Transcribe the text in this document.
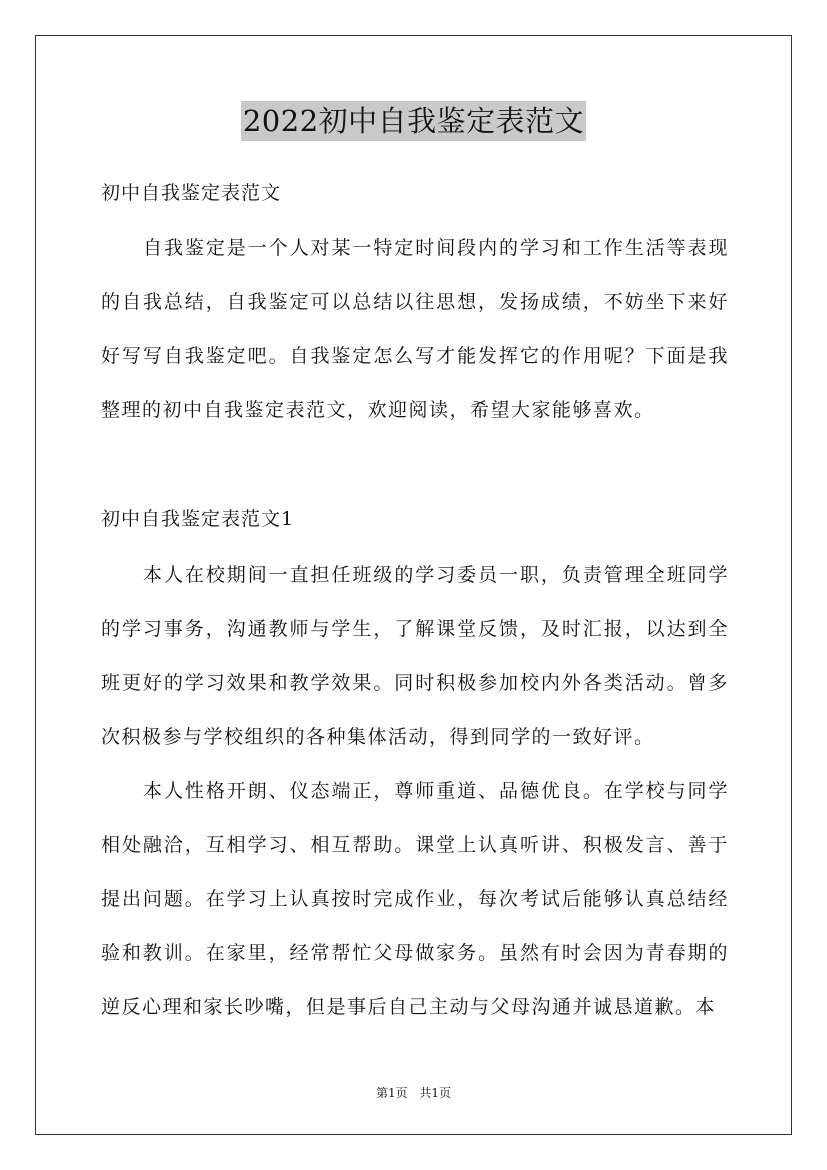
2022初中自我鉴定表范文
初中自我鉴定表范文

自我鉴定是一个人对某一特定时间段内的学习和工作生活等表现的自我总结，自我鉴定可以总结以往思想，发扬成绩，不妨坐下来好好写写自我鉴定吧。自我鉴定怎么写才能发挥它的作用呢？下面是我整理的初中自我鉴定表范文，欢迎阅读，希望大家能够喜欢。

初中自我鉴定表范文1

本人在校期间一直担任班级的学习委员一职，负责管理全班同学的学习事务，沟通教师与学生，了解课堂反馈，及时汇报，以达到全班更好的学习效果和教学效果。同时积极参加校内外各类活动。曾多次积极参与学校组织的各种集体活动，得到同学的一致好评。

本人性格开朗、仪态端正，尊师重道、品德优良。在学校与同学相处融洽，互相学习、相互帮助。课堂上认真听讲、积极发言、善于提出问题。在学习上认真按时完成作业，每次考试后能够认真总结经验和教训。在家里，经常帮忙父母做家务。虽然有时会因为青春期的逆反心理和家长吵嘴，但是事后自己主动与父母沟通并诚恳道歉。本

第1页 共1页
